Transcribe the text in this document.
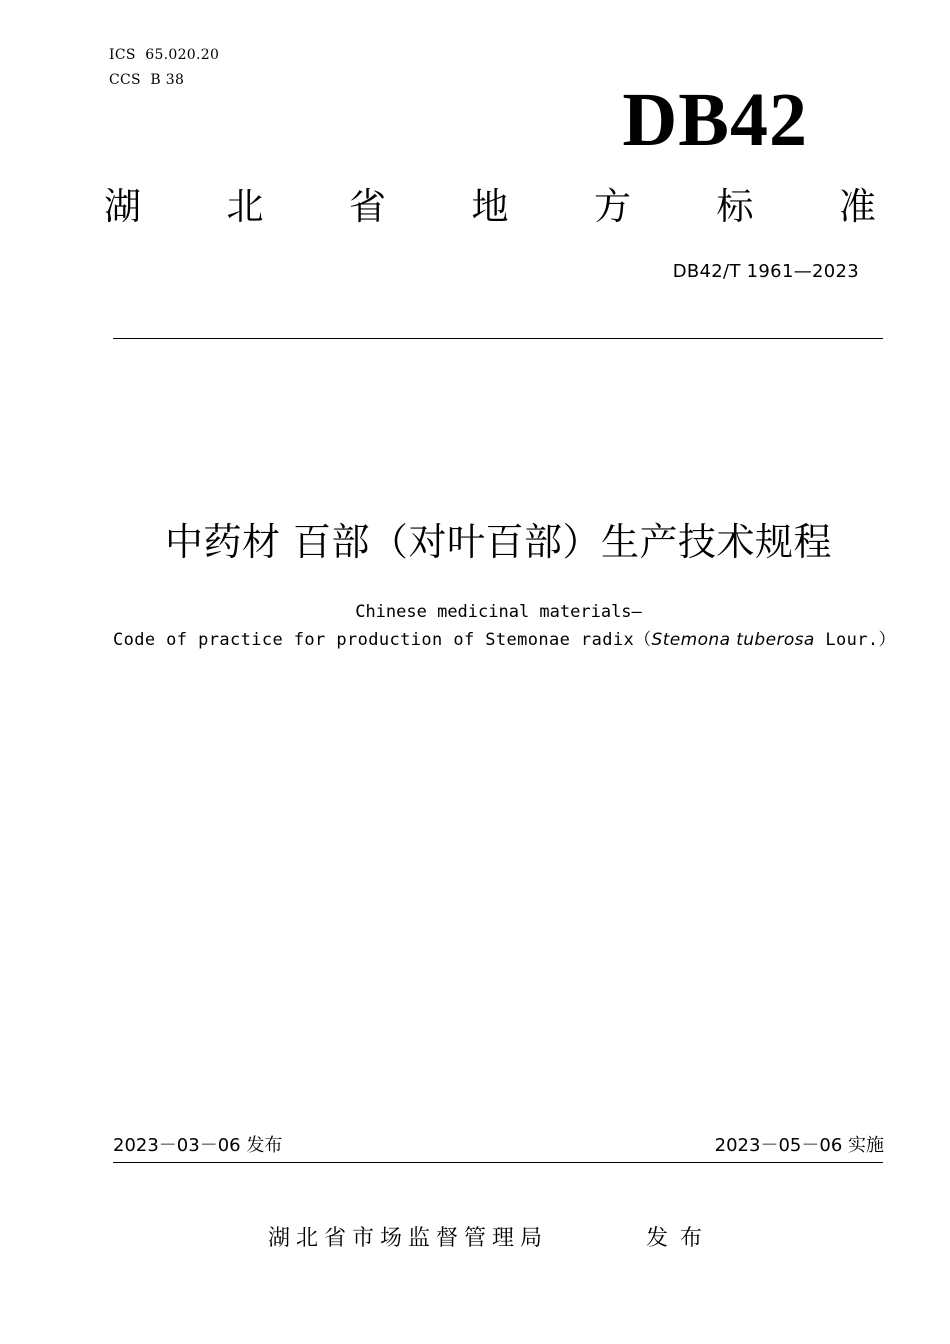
ICS  65.020.20
CCS  B 38	DB42
湖 北 省 地 方 标 准
DB42/T 1961—2023
中药材 百部（对叶百部）生产技术规程
Chinese medicinal materials—
Code of practice for production of Stemonae radix（Stemona tuberosa Lour.）
2023－03－06 发布	2023－05－06 实施
湖北省市场监督管理局	发布
